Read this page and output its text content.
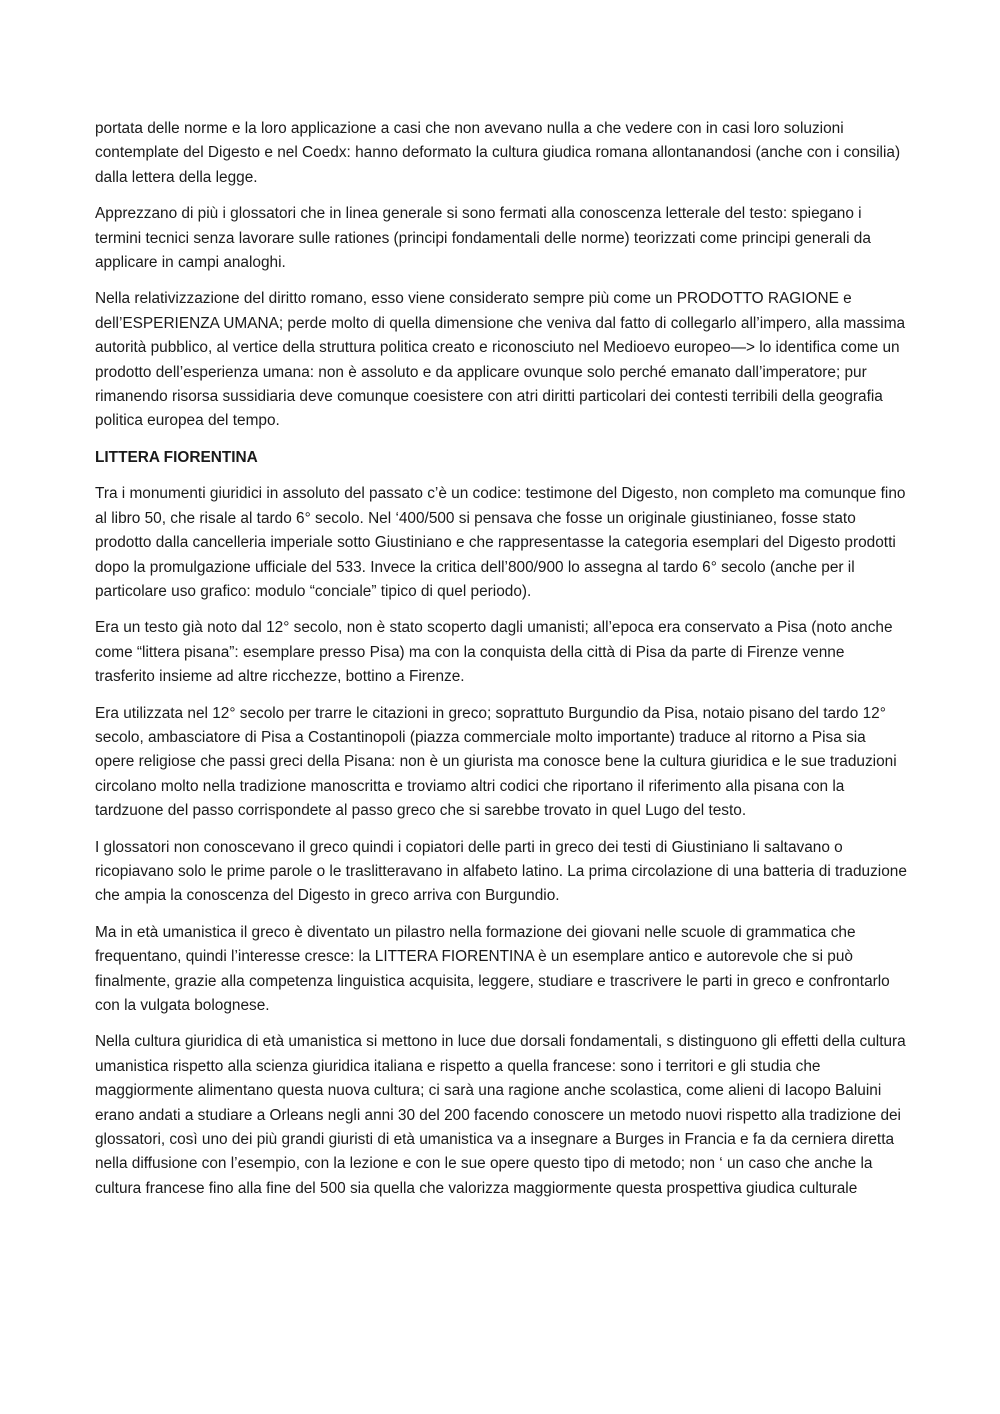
portata delle norme e la loro applicazione a casi che non avevano nulla a che vedere con in casi loro soluzioni contemplate del Digesto e nel Coedx: hanno deformato la cultura giudica romana allontanandosi (anche con i consilia) dalla lettera della legge.

Apprezzano di più i glossatori che in linea generale si sono fermati alla conoscenza letterale del testo: spiegano i termini tecnici senza lavorare sulle rationes (principi fondamentali delle norme) teorizzati come principi generali da applicare in campi analoghi.

Nella relativizzazione del diritto romano, esso viene considerato sempre più come un PRODOTTO RAGIONE e dell’ESPERIENZA UMANA; perde molto di quella dimensione che veniva dal fatto di collegarlo all’impero, alla massima autorità pubblico, al vertice della struttura politica creato e riconosciuto nel Medioevo europeo—> lo identifica come un prodotto dell’esperienza umana: non è assoluto e da applicare ovunque solo perché emanato dall’imperatore; pur rimanendo risorsa sussidiaria deve comunque coesistere con atri diritti particolari dei contesti terribili della geografia politica europea del tempo.

LITTERA FIORENTINA

Tra i monumenti giuridici in assoluto del passato c’è un codice: testimone del Digesto, non completo ma comunque fino al libro 50, che risale al tardo 6° secolo. Nel ‘400/500 si pensava che fosse un originale giustinianeo, fosse stato prodotto dalla cancelleria imperiale sotto Giustiniano e che rappresentasse la categoria esemplari del Digesto prodotti dopo la promulgazione ufficiale del 533. Invece la critica dell’800/900 lo assegna al tardo 6° secolo (anche per il particolare uso grafico: modulo “conciale” tipico di quel periodo).

Era un testo già noto dal 12° secolo, non è stato scoperto dagli umanisti; all’epoca era conservato a Pisa (noto anche come “littera pisana”: esemplare presso Pisa) ma con la conquista della città di Pisa da parte di Firenze venne trasferito insieme ad altre ricchezze, bottino a Firenze.

Era utilizzata nel 12° secolo per trarre le citazioni in greco; soprattuto Burgundio da Pisa, notaio pisano del tardo 12° secolo, ambasciatore di Pisa a Costantinopoli (piazza commerciale molto importante) traduce al ritorno a Pisa sia opere religiose che passi greci della Pisana: non è un giurista ma conosce bene la cultura giuridica e le sue traduzioni circolano molto nella tradizione manoscritta e troviamo altri codici che riportano il riferimento alla pisana con la tardzuone del passo corrispondete al passo greco che si sarebbe trovato in quel Lugo del testo.

I glossatori non conoscevano il greco quindi i copiatori delle parti in greco dei testi di Giustiniano li saltavano o ricopiavano solo le prime parole o le traslitteravano in alfabeto latino. La prima circolazione di una batteria di traduzione che ampia la conoscenza del Digesto in greco arriva con Burgundio.

Ma in età umanistica il greco è diventato un pilastro nella formazione dei giovani nelle scuole di grammatica che frequentano, quindi l’interesse cresce: la LITTERA FIORENTINA è un esemplare antico e autorevole che si può finalmente, grazie alla competenza linguistica acquisita, leggere, studiare e trascrivere le parti in greco e confrontarlo con la vulgata bolognese.

Nella cultura giuridica di età umanistica si mettono in luce due dorsali fondamentali, s distinguono gli effetti della cultura umanistica rispetto alla scienza giuridica italiana e rispetto a quella francese: sono i territori e gli studia che maggiormente alimentano questa nuova cultura; ci sarà una ragione anche scolastica, come alieni di Iacopo Baluini erano andati a studiare a Orleans negli anni 30 del 200 facendo conoscere un metodo nuovi rispetto alla tradizione dei glossatori, così uno dei più grandi giuristi di età umanistica va a insegnare a Burges in Francia e fa da cerniera diretta nella diffusione con l’esempio, con la lezione e con le sue opere questo tipo di metodo; non ‘ un caso che anche la cultura francese fino alla fine del 500 sia quella che valorizza maggiormente questa prospettiva giudica culturale
